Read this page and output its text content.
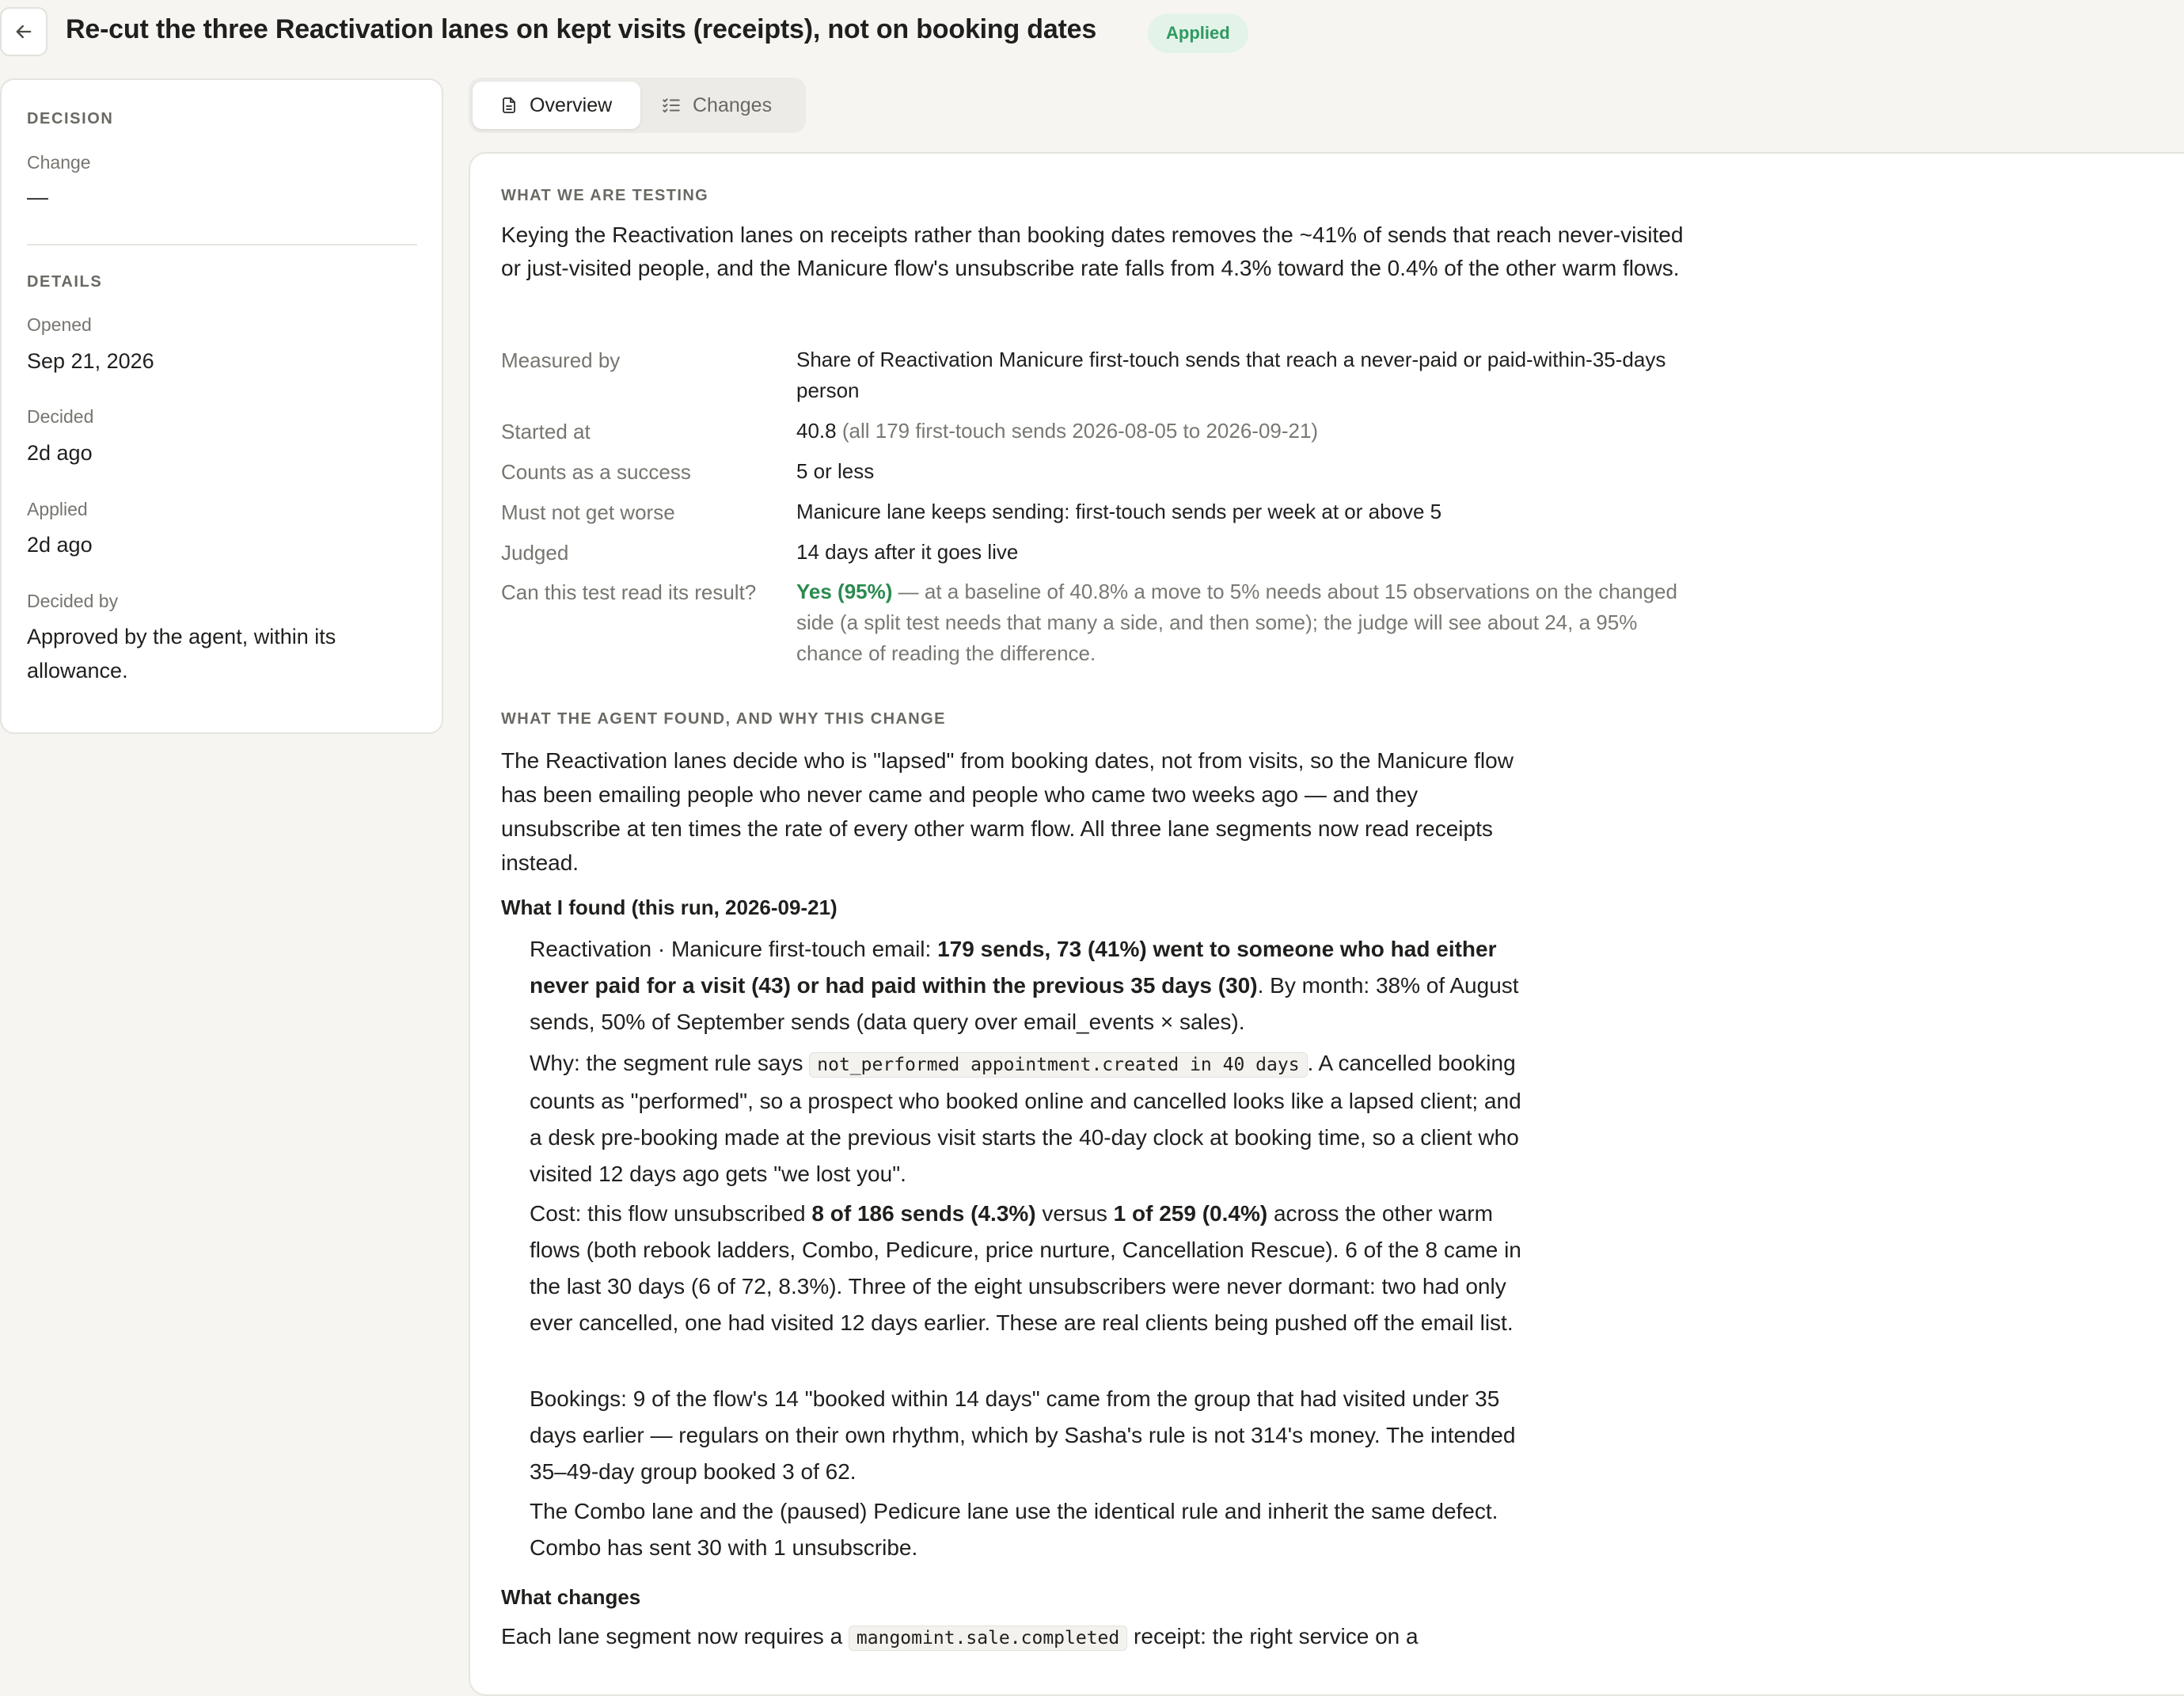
Re-cut the three Reactivation lanes on kept visits (receipts), not on booking dates	Applied
DECISION
Change
—
DETAILS
Opened
Sep 21, 2026
Decided
2d ago
Applied
2d ago
Decided by
Approved by the agent, within its allowance.
Overview	Changes
WHAT WE ARE TESTING

Keying the Reactivation lanes on receipts rather than booking dates removes the ~41% of sends that reach never-visited or just-visited people, and the Manicure flow's unsubscribe rate falls from 4.3% toward the 0.4% of the other warm flows.

Measured by	Share of Reactivation Manicure first-touch sends that reach a never-paid or paid-within-35-days person
Started at	40.8 (all 179 first-touch sends 2026-08-05 to 2026-09-21)
Counts as a success	5 or less
Must not get worse	Manicure lane keeps sending: first-touch sends per week at or above 5
Judged	14 days after it goes live
Can this test read its result? Yes (95%) — at a baseline of 40.8% a move to 5% needs about 15 observations on the changed side (a split test needs that many a side, and then some); the judge will see about 24, a 95% chance of reading the difference.
WHAT THE AGENT FOUND, AND WHY THIS CHANGE

The Reactivation lanes decide who is "lapsed" from booking dates, not from visits, so the Manicure flow has been emailing people who never came and people who came two weeks ago — and they unsubscribe at ten times the rate of every other warm flow. All three lane segments now read receipts instead.

What I found (this run, 2026-09-21)

Reactivation · Manicure first-touch email: 179 sends, 73 (41%) went to someone who had either never paid for a visit (43) or had paid within the previous 35 days (30). By month: 38% of August sends, 50% of September sends (data query over email_events × sales).

Why: the segment rule says not_performed appointment.created in 40 days . A cancelled booking counts as "performed", so a prospect who booked online and cancelled looks like a lapsed client; and a desk pre-booking made at the previous visit starts the 40-day clock at booking time, so a client who visited 12 days ago gets "we lost you".

Cost: this flow unsubscribed 8 of 186 sends (4.3%) versus 1 of 259 (0.4%) across the other warm flows (both rebook ladders, Combo, Pedicure, price nurture, Cancellation Rescue). 6 of the 8 came in the last 30 days (6 of 72, 8.3%). Three of the eight unsubscribers were never dormant: two had only ever cancelled, one had visited 12 days earlier. These are real clients being pushed off the email list.

Bookings: 9 of the flow's 14 "booked within 14 days" came from the group that had visited under 35 days earlier — regulars on their own rhythm, which by Sasha's rule is not 314's money. The intended 35–49-day group booked 3 of 62.

The Combo lane and the (paused) Pedicure lane use the identical rule and inherit the same defect. Combo has sent 30 with 1 unsubscribe.

What changes

Each lane segment now requires a mangomint.sale.completed receipt: the right service on a
